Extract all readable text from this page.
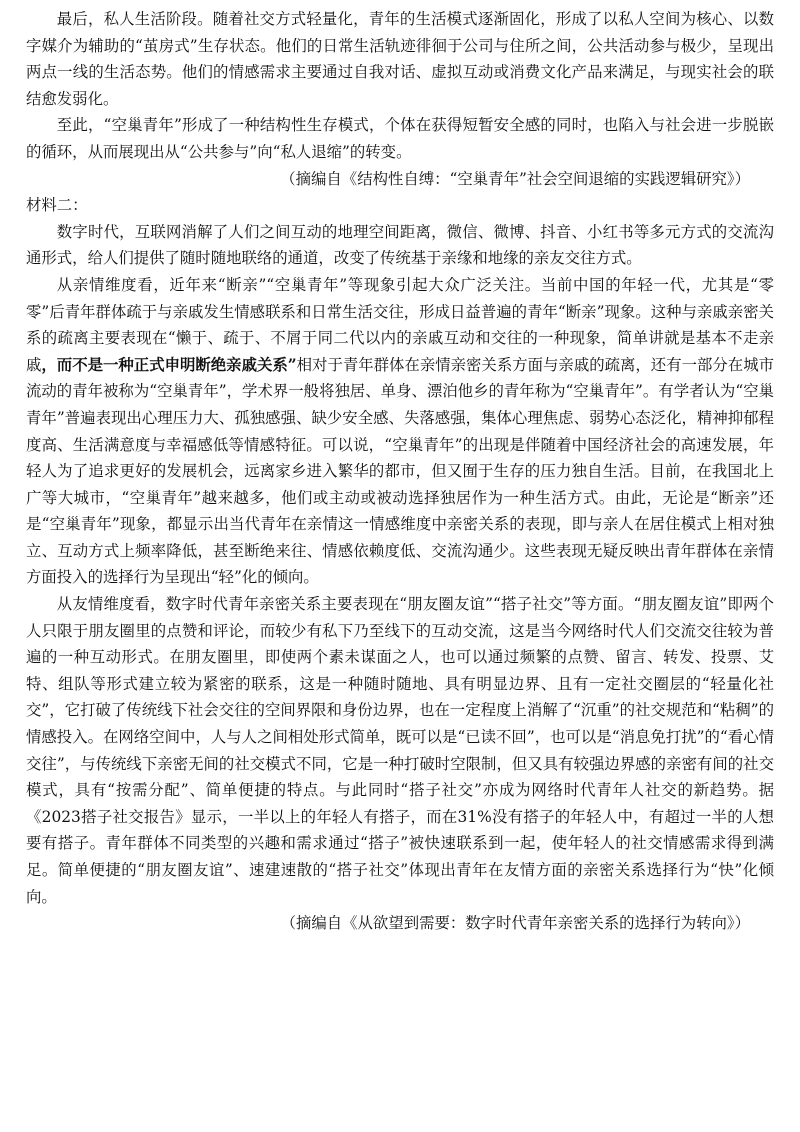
最后，私人生活阶段。随着社交方式轻量化，青年的生活模式逐渐固化，形成了以私人空间为核心、以数字媒介为辅助的“茧房式”生存状态。他们的日常生活轨迹徘徊于公司与住所之间，公共活动参与极少，呈现出两点一线的生活态势。他们的情感需求主要通过自我对话、虚拟互动或消费文化产品来满足，与现实社会的联结愈发弱化。

至此，“空巢青年”形成了一种结构性生存模式，个体在获得短暂安全感的同时，也陷入与社会进一步脱嵌的循环，从而展现出从“公共参与”向“私人退缩”的转变。

（摘编自《结构性自缚：“空巢青年”社会空间退缩的实践逻辑研究》）

材料二：

数字时代，互联网消解了人们之间互动的地理空间距离，微信、微博、抖音、小红书等多元方式的交流沟通形式，给人们提供了随时随地联络的通道，改变了传统基于亲缘和地缘的亲友交往方式。

从亲情维度看，近年来“断亲”“空巢青年”等现象引起大众广泛关注。当前中国的年轻一代，尤其是“零零”后青年群体疏于与亲戚发生情感联系和日常生活交往，形成日益普遍的青年“断亲”现象。这种与亲戚亲密关系的疏离主要表现在“懒于、疏于、不屑于同二代以内的亲戚互动和交往的一种现象，简单讲就是基本不走亲戚，而不是一种正式申明断绝亲戚关系”相对于青年群体在亲情亲密关系方面与亲戚的疏离，还有一部分在城市流动的青年被称为“空巢青年”，学术界一般将独居、单身、漂泊他乡的青年称为“空巢青年”。有学者认为“空巢青年”普遍表现出心理压力大、孤独感强、缺少安全感、失落感强，集体心理焦虑、弱势心态泛化，精神抑郁程度高、生活满意度与幸福感低等情感特征。可以说，“空巢青年”的出现是伴随着中国经济社会的高速发展，年轻人为了追求更好的发展机会，远离家乡进入繁华的都市，但又囿于生存的压力独自生活。目前，在我国北上广等大城市，“空巢青年”越来越多，他们或主动或被动选择独居作为一种生活方式。由此，无论是“断亲”还是“空巢青年”现象，都显示出当代青年在亲情这一情感维度中亲密关系的表现，即与亲人在居住模式上相对独立、互动方式上频率降低，甚至断绝来往、情感依赖度低、交流沟通少。这些表现无疑反映出青年群体在亲情方面投入的选择行为呈现出“轻”化的倾向。

从友情维度看，数字时代青年亲密关系主要表现在“朋友圈友谊”“搭子社交”等方面。“朋友圈友谊”即两个人只限于朋友圈里的点赞和评论，而较少有私下乃至线下的互动交流，这是当今网络时代人们交流交往较为普遍的一种互动形式。在朋友圈里，即使两个素未谋面之人，也可以通过频繁的点赞、留言、转发、投票、艾特、组队等形式建立较为紧密的联系，这是一种随时随地、具有明显边界、且有一定社交圈层的“轻量化社交”，它打破了传统线下社会交往的空间界限和身份边界，也在一定程度上消解了“沉重”的社交规范和“粘稠”的情感投入。在网络空间中，人与人之间相处形式简单，既可以是“已读不回”，也可以是“消息免打扰”的“看心情交往”，与传统线下亲密无间的社交模式不同，它是一种打破时空限制，但又具有较强边界感的亲密有间的社交模式，具有“按需分配”、简单便捷的特点。与此同时“搭子社交”亦成为网络时代青年人社交的新趋势。据《2023搭子社交报告》显示，一半以上的年轻人有搭子，而在31%没有搭子的年轻人中，有超过一半的人想要有搭子。青年群体不同类型的兴趣和需求通过“搭子”被快速联系到一起，使年轻人的社交情感需求得到满足。简单便捷的“朋友圈友谊”、速建速散的“搭子社交”体现出青年在友情方面的亲密关系选择行为“快”化倾向。

（摘编自《从欲望到需要：数字时代青年亲密关系的选择行为转向》）
